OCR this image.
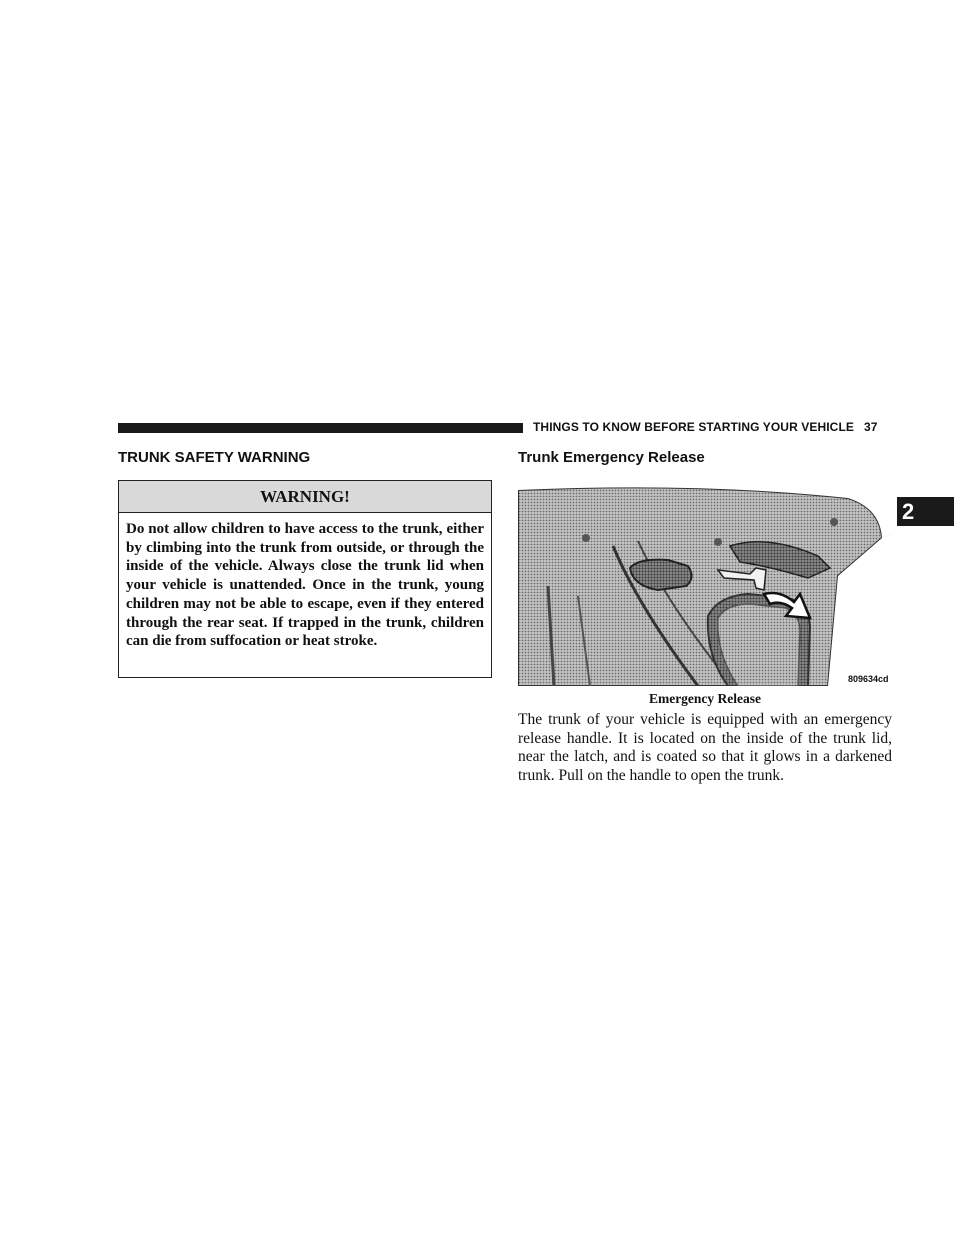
THINGS TO KNOW BEFORE STARTING YOUR VEHICLE 37
2
TRUNK SAFETY WARNING
WARNING!
Do not allow children to have access to the trunk, either by climbing into the trunk from outside, or through the inside of the vehicle. Always close the trunk lid when your vehicle is unattended. Once in the trunk, young children may not be able to escape, even if they entered through the rear seat. If trapped in the trunk, children can die from suffocation or heat stroke.
Trunk Emergency Release
809634cd
Emergency Release
The trunk of your vehicle is equipped with an emergency release handle. It is located on the inside of the trunk lid, near the latch, and is coated so that it glows in a darkened trunk. Pull on the handle to open the trunk.
